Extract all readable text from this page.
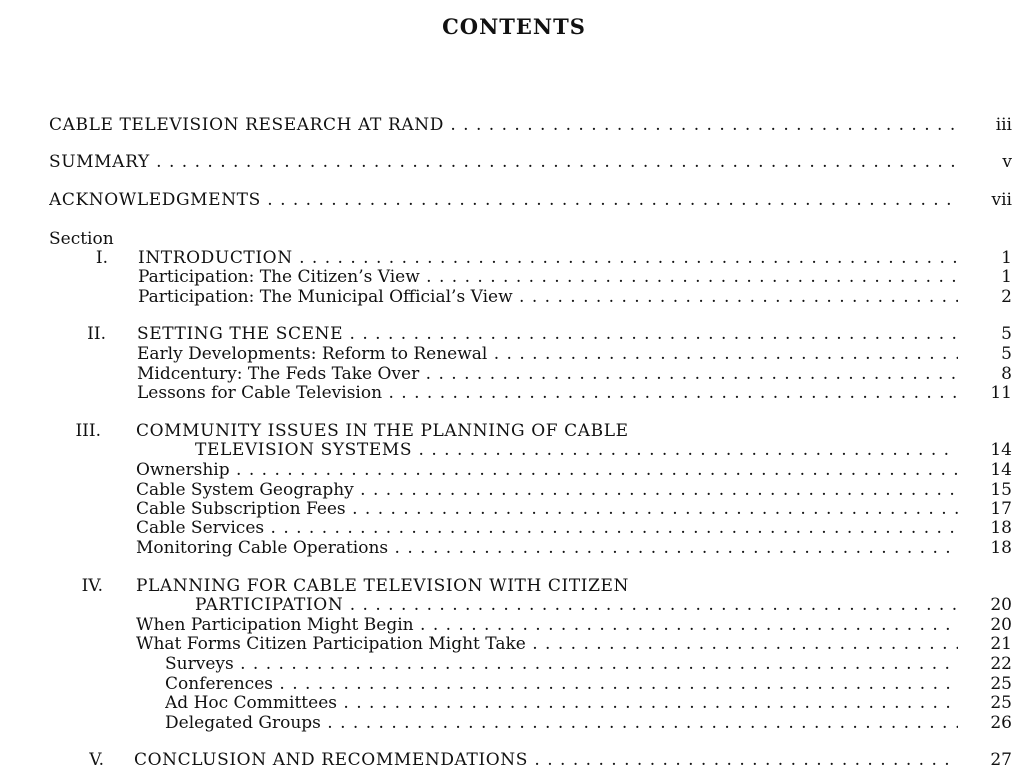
CONTENTS
CABLE TELEVISION RESEARCH AT RAND . . .	iii
SUMMARY . . .	v
ACKNOWLEDGMENTS . . .	vii
Section
I. INTRODUCTION . . .	1
Participation: The Citizen’s View . . .	1
Participation: The Municipal Official’s View . . .	2
II. SETTING THE SCENE . . .	5
Early Developments: Reform to Renewal . . .	5
Midcentury: The Feds Take Over . . .	8
Lessons for Cable Television . . .	11
III. COMMUNITY ISSUES IN THE PLANNING OF CABLE
TELEVISION SYSTEMS . . .	14
Ownership . . .	14
Cable System Geography . . .	15
Cable Subscription Fees . . .	17
Cable Services . . .	18
Monitoring Cable Operations . . .	18
IV. PLANNING FOR CABLE TELEVISION WITH CITIZEN
PARTICIPATION . . .	20
When Participation Might Begin . . .	20
What Forms Citizen Participation Might Take . . .	21
Surveys . . .	22
Conferences . . .	25
Ad Hoc Committees . . .	25
Delegated Groups . . .	26
V. CONCLUSION AND RECOMMENDATIONS . . .	27
